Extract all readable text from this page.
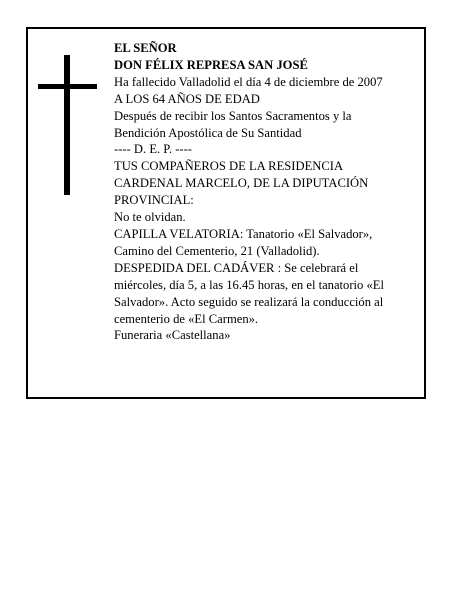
EL SEÑOR
DON FÉLIX REPRESA SAN JOSÉ
Ha fallecido Valladolid el día 4 de diciembre de 2007
A LOS 64 AÑOS DE EDAD
Después de recibir los Santos Sacramentos y la
Bendición Apostólica de Su Santidad
---- D. E. P. ----
TUS COMPAÑEROS DE LA RESIDENCIA
CARDENAL MARCELO, DE LA DIPUTACIÓN
PROVINCIAL:
No te olvidan.
CAPILLA VELATORIA: Tanatorio «El Salvador»,
Camino del Cementerio, 21 (Valladolid).
DESPEDIDA DEL CADÁVER : Se celebrará el
miércoles, día 5, a las 16.45 horas, en el tanatorio «El
Salvador». Acto seguido se realizará la conducción al
cementerio de «El Carmen».
Funeraria «Castellana»
